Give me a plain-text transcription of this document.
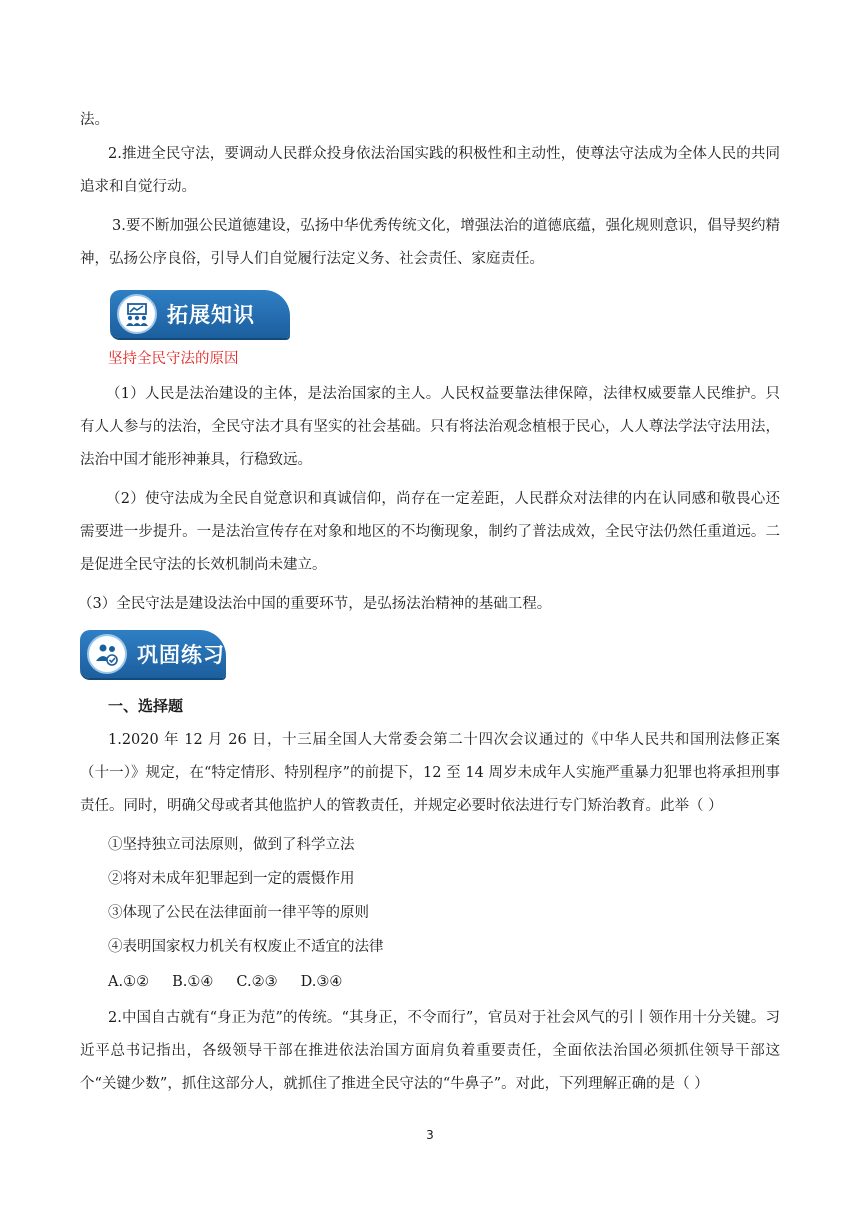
法。

2.推进全民守法，要调动人民群众投身依法治国实践的积极性和主动性，使尊法守法成为全体人民的共同追求和自觉行动。

3.要不断加强公民道德建设，弘扬中华优秀传统文化，增强法治的道德底蕴，强化规则意识，倡导契约精神，弘扬公序良俗，引导人们自觉履行法定义务、社会责任、家庭责任。

拓展知识

坚持全民守法的原因

（1）人民是法治建设的主体，是法治国家的主人。人民权益要靠法律保障，法律权威要靠人民维护。只有人人参与的法治，全民守法才具有坚实的社会基础。只有将法治观念植根于民心，人人尊法学法守法用法，法治中国才能形神兼具，行稳致远。

（2）使守法成为全民自觉意识和真诚信仰，尚存在一定差距，人民群众对法律的内在认同感和敬畏心还需要进一步提升。一是法治宣传存在对象和地区的不均衡现象，制约了普法成效，全民守法仍然任重道远。二是促进全民守法的长效机制尚未建立。

（3）全民守法是建设法治中国的重要环节，是弘扬法治精神的基础工程。

巩固练习

一、选择题

1.2020 年 12 月 26 日，十三届全国人大常委会第二十四次会议通过的《中华人民共和国刑法修正案（十一）》规定，在“特定情形、特别程序”的前提下，12 至 14 周岁未成年人实施严重暴力犯罪也将承担刑事责任。同时，明确父母或者其他监护人的管教责任，并规定必要时依法进行专门矫治教育。此举（ ）

①坚持独立司法原则，做到了科学立法

②将对未成年犯罪起到一定的震慑作用

③体现了公民在法律面前一律平等的原则

④表明国家权力机关有权废止不适宜的法律

A.①②     B.①④     C.②③     D.③④

2.中国自古就有“身正为范”的传统。“其身正，不令而行”，官员对于社会风气的引丨领作用十分关键。习近平总书记指出，各级领导干部在推进依法治国方面肩负着重要责任，全面依法治国必须抓住领导干部这个“关键少数”，抓住这部分人，就抓住了推进全民守法的“牛鼻子”。对此，下列理解正确的是（ ）

3
